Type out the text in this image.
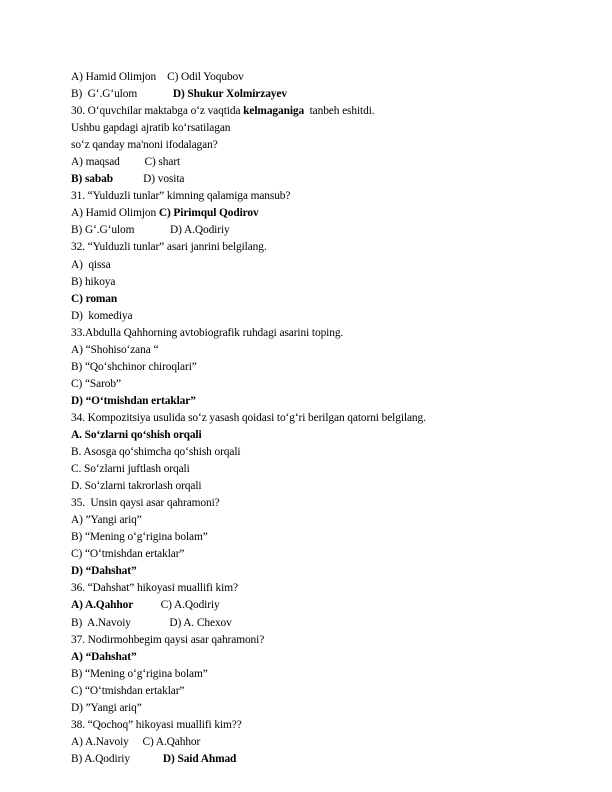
A) Hamid Olimjon    C) Odil Yoqubov
B)  G‘.G‘ulom             D) Shukur Xolmirzayev
30. O‘quvchilar maktabga o‘z vaqtida kelmaganiga  tanbeh eshitdi.
Ushbu gapdagi ajratib ko‘rsatilagan
so‘z qanday ma'noni ifodalagan?
A) maqsad         C) shart
B) sabab           D) vosita
31. “Yulduzli tunlar” kimning qalamiga mansub?
A) Hamid Olimjon C) Pirimqul Qodirov
B) G‘.G‘ulom             D) A.Qodiriy
32. “Yulduzli tunlar” asari janrini belgilang.
A)  qissa
B) hikoya
C) roman
D)  komediya
33.Abdulla Qahhorning avtobiografik ruhdagi asarini toping.
A) “Shohiso‘zana “
B) “Qo‘shchinor chiroqlari”
C) “Sarob”
D) “O‘tmishdan ertaklar”
34. Kompozitsiya usulida so‘z yasash qoidasi to‘g‘ri berilgan qatorni belgilang.
A. So‘zlarni qo‘shish orqali
B. Asosga qo‘shimcha qo‘shish orqali
C. So‘zlarni juftlash orqali
D. So‘zlarni takrorlash orqali
35.  Unsin qaysi asar qahramoni?
A) ”Yangi ariq”
B) “Mening o‘g‘rigina bolam”
C) “O‘tmishdan ertaklar”
D) “Dahshat”
36. “Dahshat” hikoyasi muallifi kim?
A) A.Qahhor          C) A.Qodiriy
B)  A.Navoiy              D) A. Chexov
37. Nodirmohbegim qaysi asar qahramoni?
A) “Dahshat”
B) “Mening o‘g‘rigina bolam”
C) “O‘tmishdan ertaklar”
D) ”Yangi ariq”
38. “Qochoq” hikoyasi muallifi kim??
A) A.Navoiy     C) A.Qahhor
B) A.Qodiriy            D) Said Ahmad
